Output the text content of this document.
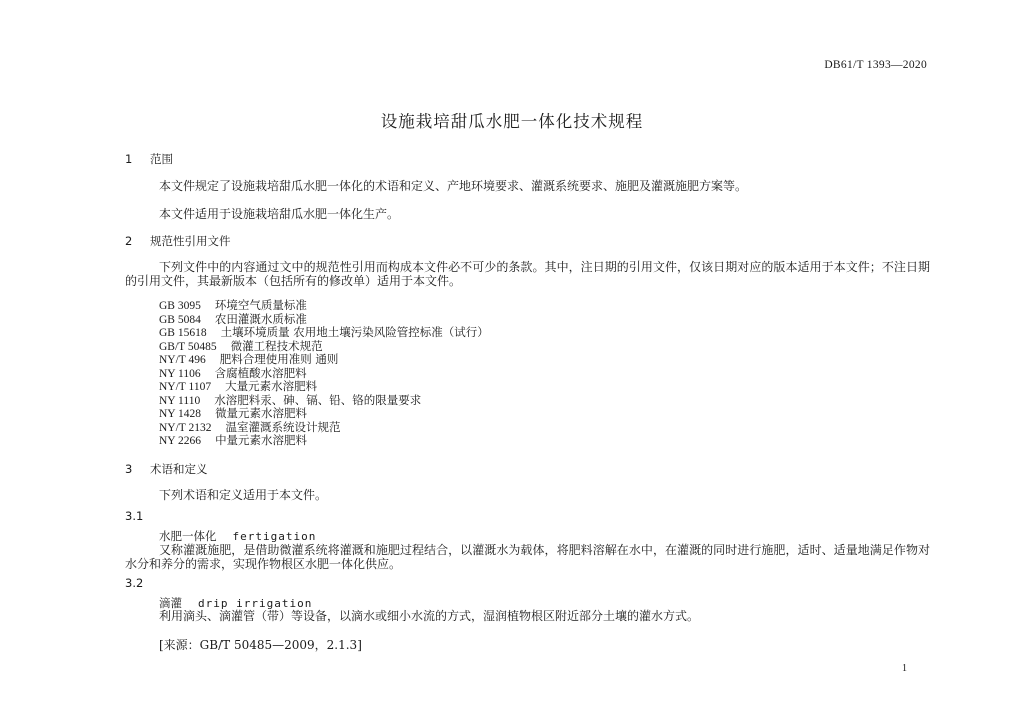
DB61/T 1393—2020
设施栽培甜瓜水肥一体化技术规程
1 范围
本文件规定了设施栽培甜瓜水肥一体化的术语和定义、产地环境要求、灌溉系统要求、施肥及灌溉施肥方案等。
本文件适用于设施栽培甜瓜水肥一体化生产。
2 规范性引用文件
下列文件中的内容通过文中的规范性引用而构成本文件必不可少的条款。其中，注日期的引用文件，仅该日期对应的版本适用于本文件；不注日期的引用文件，其最新版本（包括所有的修改单）适用于本文件。
GB 3095 环境空气质量标准
GB 5084 农田灌溉水质标准
GB 15618 土壤环境质量 农用地土壤污染风险管控标准（试行）
GB/T 50485 微灌工程技术规范
NY/T 496 肥料合理使用准则 通则
NY 1106 含腐植酸水溶肥料
NY/T 1107 大量元素水溶肥料
NY 1110 水溶肥料汞、砷、镉、铅、铬的限量要求
NY 1428 微量元素水溶肥料
NY/T 2132 温室灌溉系统设计规范
NY 2266 中量元素水溶肥料
3 术语和定义
下列术语和定义适用于本文件。
3.1
水肥一体化 fertigation
又称灌溉施肥，是借助微灌系统将灌溉和施肥过程结合，以灌溉水为载体，将肥料溶解在水中，在灌溉的同时进行施肥，适时、适量地满足作物对水分和养分的需求，实现作物根区水肥一体化供应。
3.2
滴灌 drip irrigation
利用滴头、滴灌管（带）等设备，以滴水或细小水流的方式，湿润植物根区附近部分土壤的灌水方式。
[来源：GB/T 50485—2009，2.1.3]
1
